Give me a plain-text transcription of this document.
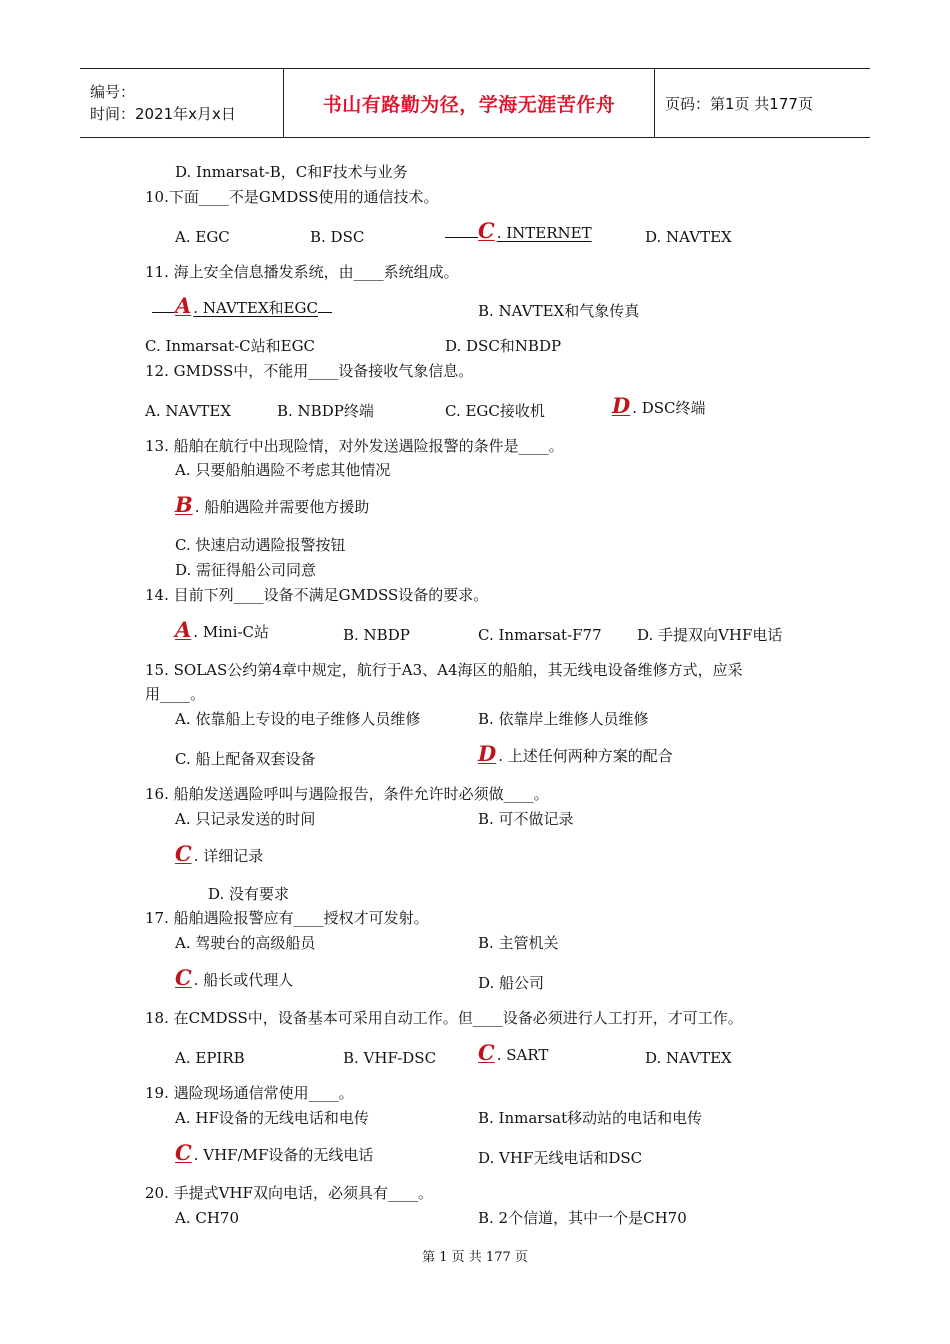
编号：
时间：2021年x月x日	书山有路勤为径，学海无涯苦作舟	页码：第1页 共177页
D. Inmarsat-B，C和F技术与业务
10.下面____不是GMDSS使用的通信技术。
A. EGC	B. DSC	C . INTERNET	D. NAVTEX
11. 海上安全信息播发系统，由____系统组成。
A . NAVTEX和EGC	B. NAVTEX和气象传真
C. Inmarsat-C站和EGC	D. DSC和NBDP
12. GMDSS中，不能用____设备接收气象信息。
A. NAVTEX	B. NBDP终端	C. EGC接收机	D . DSC终端
13. 船舶在航行中出现险情，对外发送遇险报警的条件是____。
A. 只要船舶遇险不考虑其他情况
B . 船舶遇险并需要他方援助
C. 快速启动遇险报警按钮
D. 需征得船公司同意
14. 目前下列____设备不满足GMDSS设备的要求。
A . Mini-C站	B. NBDP	C. Inmarsat-F77 D. 手提双向VHF电话
15. SOLAS公约第4章中规定，航行于A3、A4海区的船舶，其无线电设备维修方式，应采
用____。
A. 依靠船上专设的电子维修人员维修	B. 依靠岸上维修人员维修
C. 船上配备双套设备	D . 上述任何两种方案的配合
16. 船舶发送遇险呼叫与遇险报告，条件允许时必须做____。
A. 只记录发送的时间	B. 可不做记录
C . 详细记录
D. 没有要求
17. 船舶遇险报警应有____授权才可发射。
A. 驾驶台的高级船员	B. 主管机关
C . 船长或代理人	D. 船公司
18. 在CMDSS中，设备基本可采用自动工作。但____设备必须进行人工打开，才可工作。
A. EPIRB	B. VHF-DSC C . SART	D. NAVTEX
19. 遇险现场通信常使用____。
A. HF设备的无线电话和电传	B. Inmarsat移动站的电话和电传
C . VHF/MF设备的无线电话	D. VHF无线电话和DSC
20. 手提式VHF双向电话，必须具有____。
A. CH70	B. 2个信道，其中一个是CH70
第 1 页 共 177 页
